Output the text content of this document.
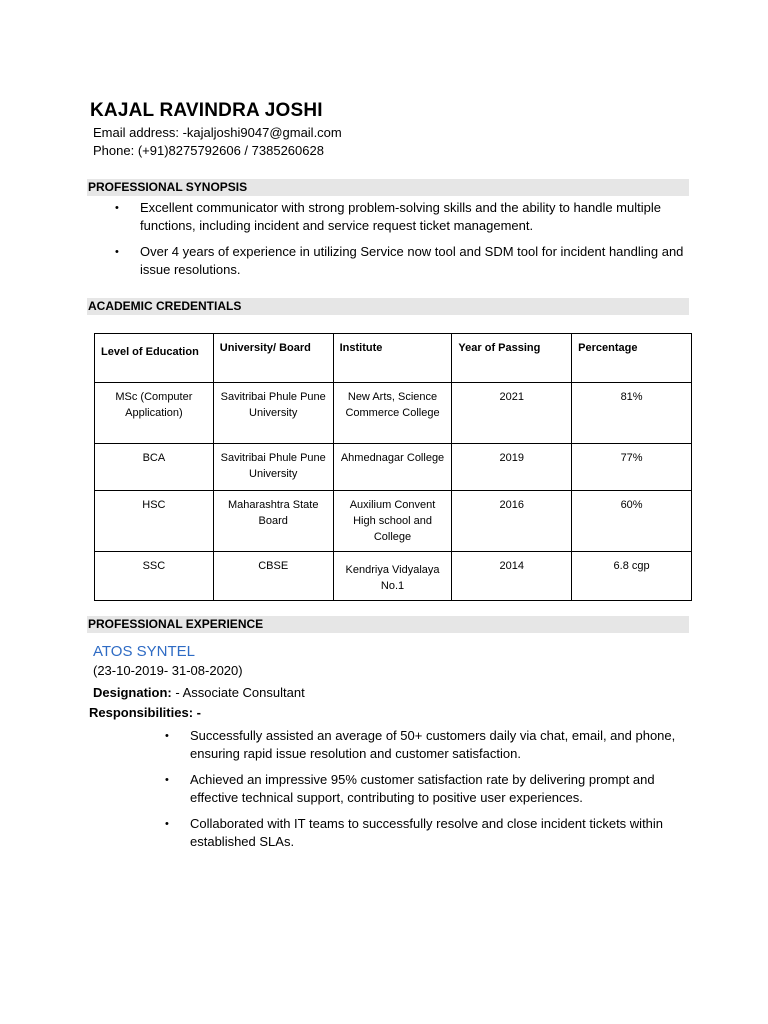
KAJAL RAVINDRA JOSHI
Email address: -kajaljoshi9047@gmail.com
Phone: (+91)8275792606 / 7385260628
PROFESSIONAL SYNOPSIS
• Excellent communicator with strong problem-solving skills and the ability to handle multiple functions, including incident and service request ticket management.
• Over 4 years of experience in utilizing Service now tool and SDM tool for incident handling and issue resolutions.
ACADEMIC CREDENTIALS
Level of Education	University/ Board	Institute	Year of Passing	Percentage
MSc (Computer Application)	Savitribai Phule Pune University	New Arts, Science Commerce College	2021	81%
BCA	Savitribai Phule Pune University	Ahmednagar College	2019	77%
HSC	Maharashtra State Board	Auxilium Convent High school and College	2016	60%
SSC	CBSE	Kendriya Vidyalaya No.1	2014	6.8 cgp
PROFESSIONAL EXPERIENCE
ATOS SYNTEL
(23-10-2019- 31-08-2020)
Designation: - Associate Consultant
Responsibilities: -
• Successfully assisted an average of 50+ customers daily via chat, email, and phone, ensuring rapid issue resolution and customer satisfaction.
• Achieved an impressive 95% customer satisfaction rate by delivering prompt and effective technical support, contributing to positive user experiences.
• Collaborated with IT teams to successfully resolve and close incident tickets within established SLAs.
